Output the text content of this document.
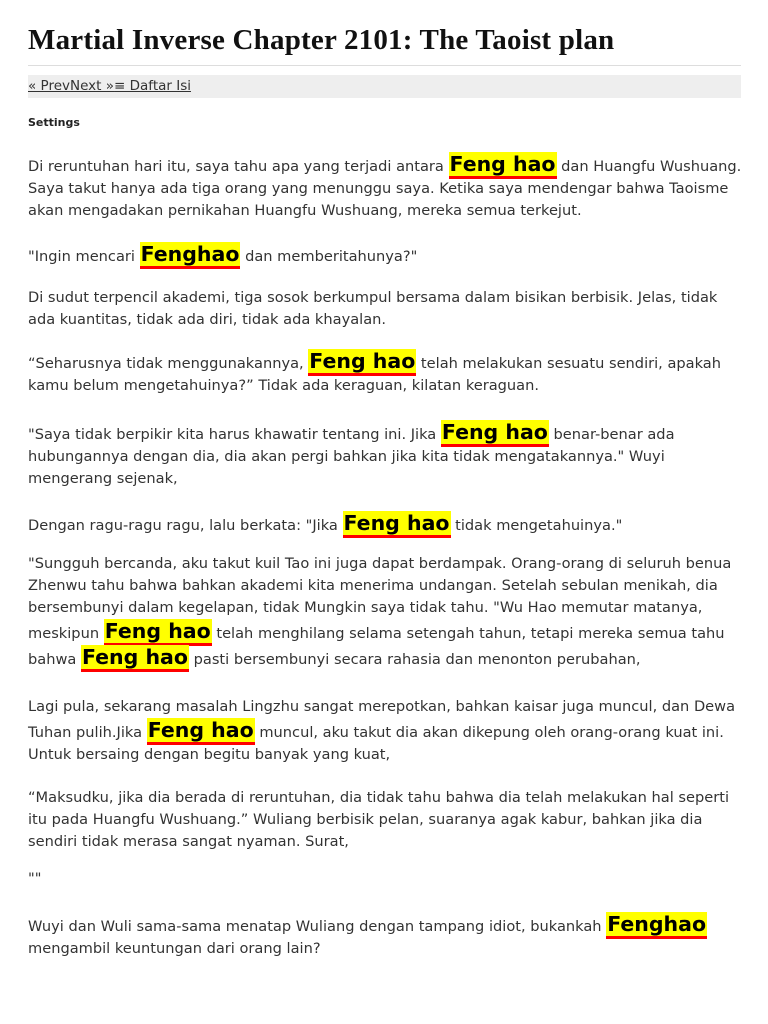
Martial Inverse Chapter 2101: The Taoist plan
« PrevNext »≡ Daftar Isi
Settings

Di reruntuhan hari itu, saya tahu apa yang terjadi antara Feng hao dan Huangfu Wushuang. Saya takut hanya ada tiga orang yang menunggu saya. Ketika saya mendengar bahwa Taoisme akan mengadakan pernikahan Huangfu Wushuang, mereka semua terkejut.

"Ingin mencari Fenghao dan memberitahunya?"

Di sudut terpencil akademi, tiga sosok berkumpul bersama dalam bisikan berbisik. Jelas, tidak ada kuantitas, tidak ada diri, tidak ada khayalan.

“Seharusnya tidak menggunakannya, Feng hao telah melakukan sesuatu sendiri, apakah kamu belum mengetahuinya?” Tidak ada keraguan, kilatan keraguan.

"Saya tidak berpikir kita harus khawatir tentang ini. Jika Feng hao benar-benar ada hubungannya dengan dia, dia akan pergi bahkan jika kita tidak mengatakannya." Wuyi mengerang sejenak,

Dengan ragu-ragu ragu, lalu berkata: "Jika Feng hao tidak mengetahuinya."

"Sungguh bercanda, aku takut kuil Tao ini juga dapat berdampak. Orang-orang di seluruh benua Zhenwu tahu bahwa bahkan akademi kita menerima undangan. Setelah sebulan menikah, dia bersembunyi dalam kegelapan, tidak Mungkin saya tidak tahu. "Wu Hao memutar matanya, meskipun Feng hao telah menghilang selama setengah tahun, tetapi mereka semua tahu bahwa Feng hao pasti bersembunyi secara rahasia dan menonton perubahan,

Lagi pula, sekarang masalah Lingzhu sangat merepotkan, bahkan kaisar juga muncul, dan Dewa Tuhan pulih.Jika Feng hao muncul, aku takut dia akan dikepung oleh orang-orang kuat ini. Untuk bersaing dengan begitu banyak yang kuat,

“Maksudku, jika dia berada di reruntuhan, dia tidak tahu bahwa dia telah melakukan hal seperti itu pada Huangfu Wushuang.” Wuliang berbisik pelan, suaranya agak kabur, bahkan jika dia sendiri tidak merasa sangat nyaman. Surat,

""

Wuyi dan Wuli sama-sama menatap Wuliang dengan tampang idiot, bukankah Fenghao mengambil keuntungan dari orang lain?
